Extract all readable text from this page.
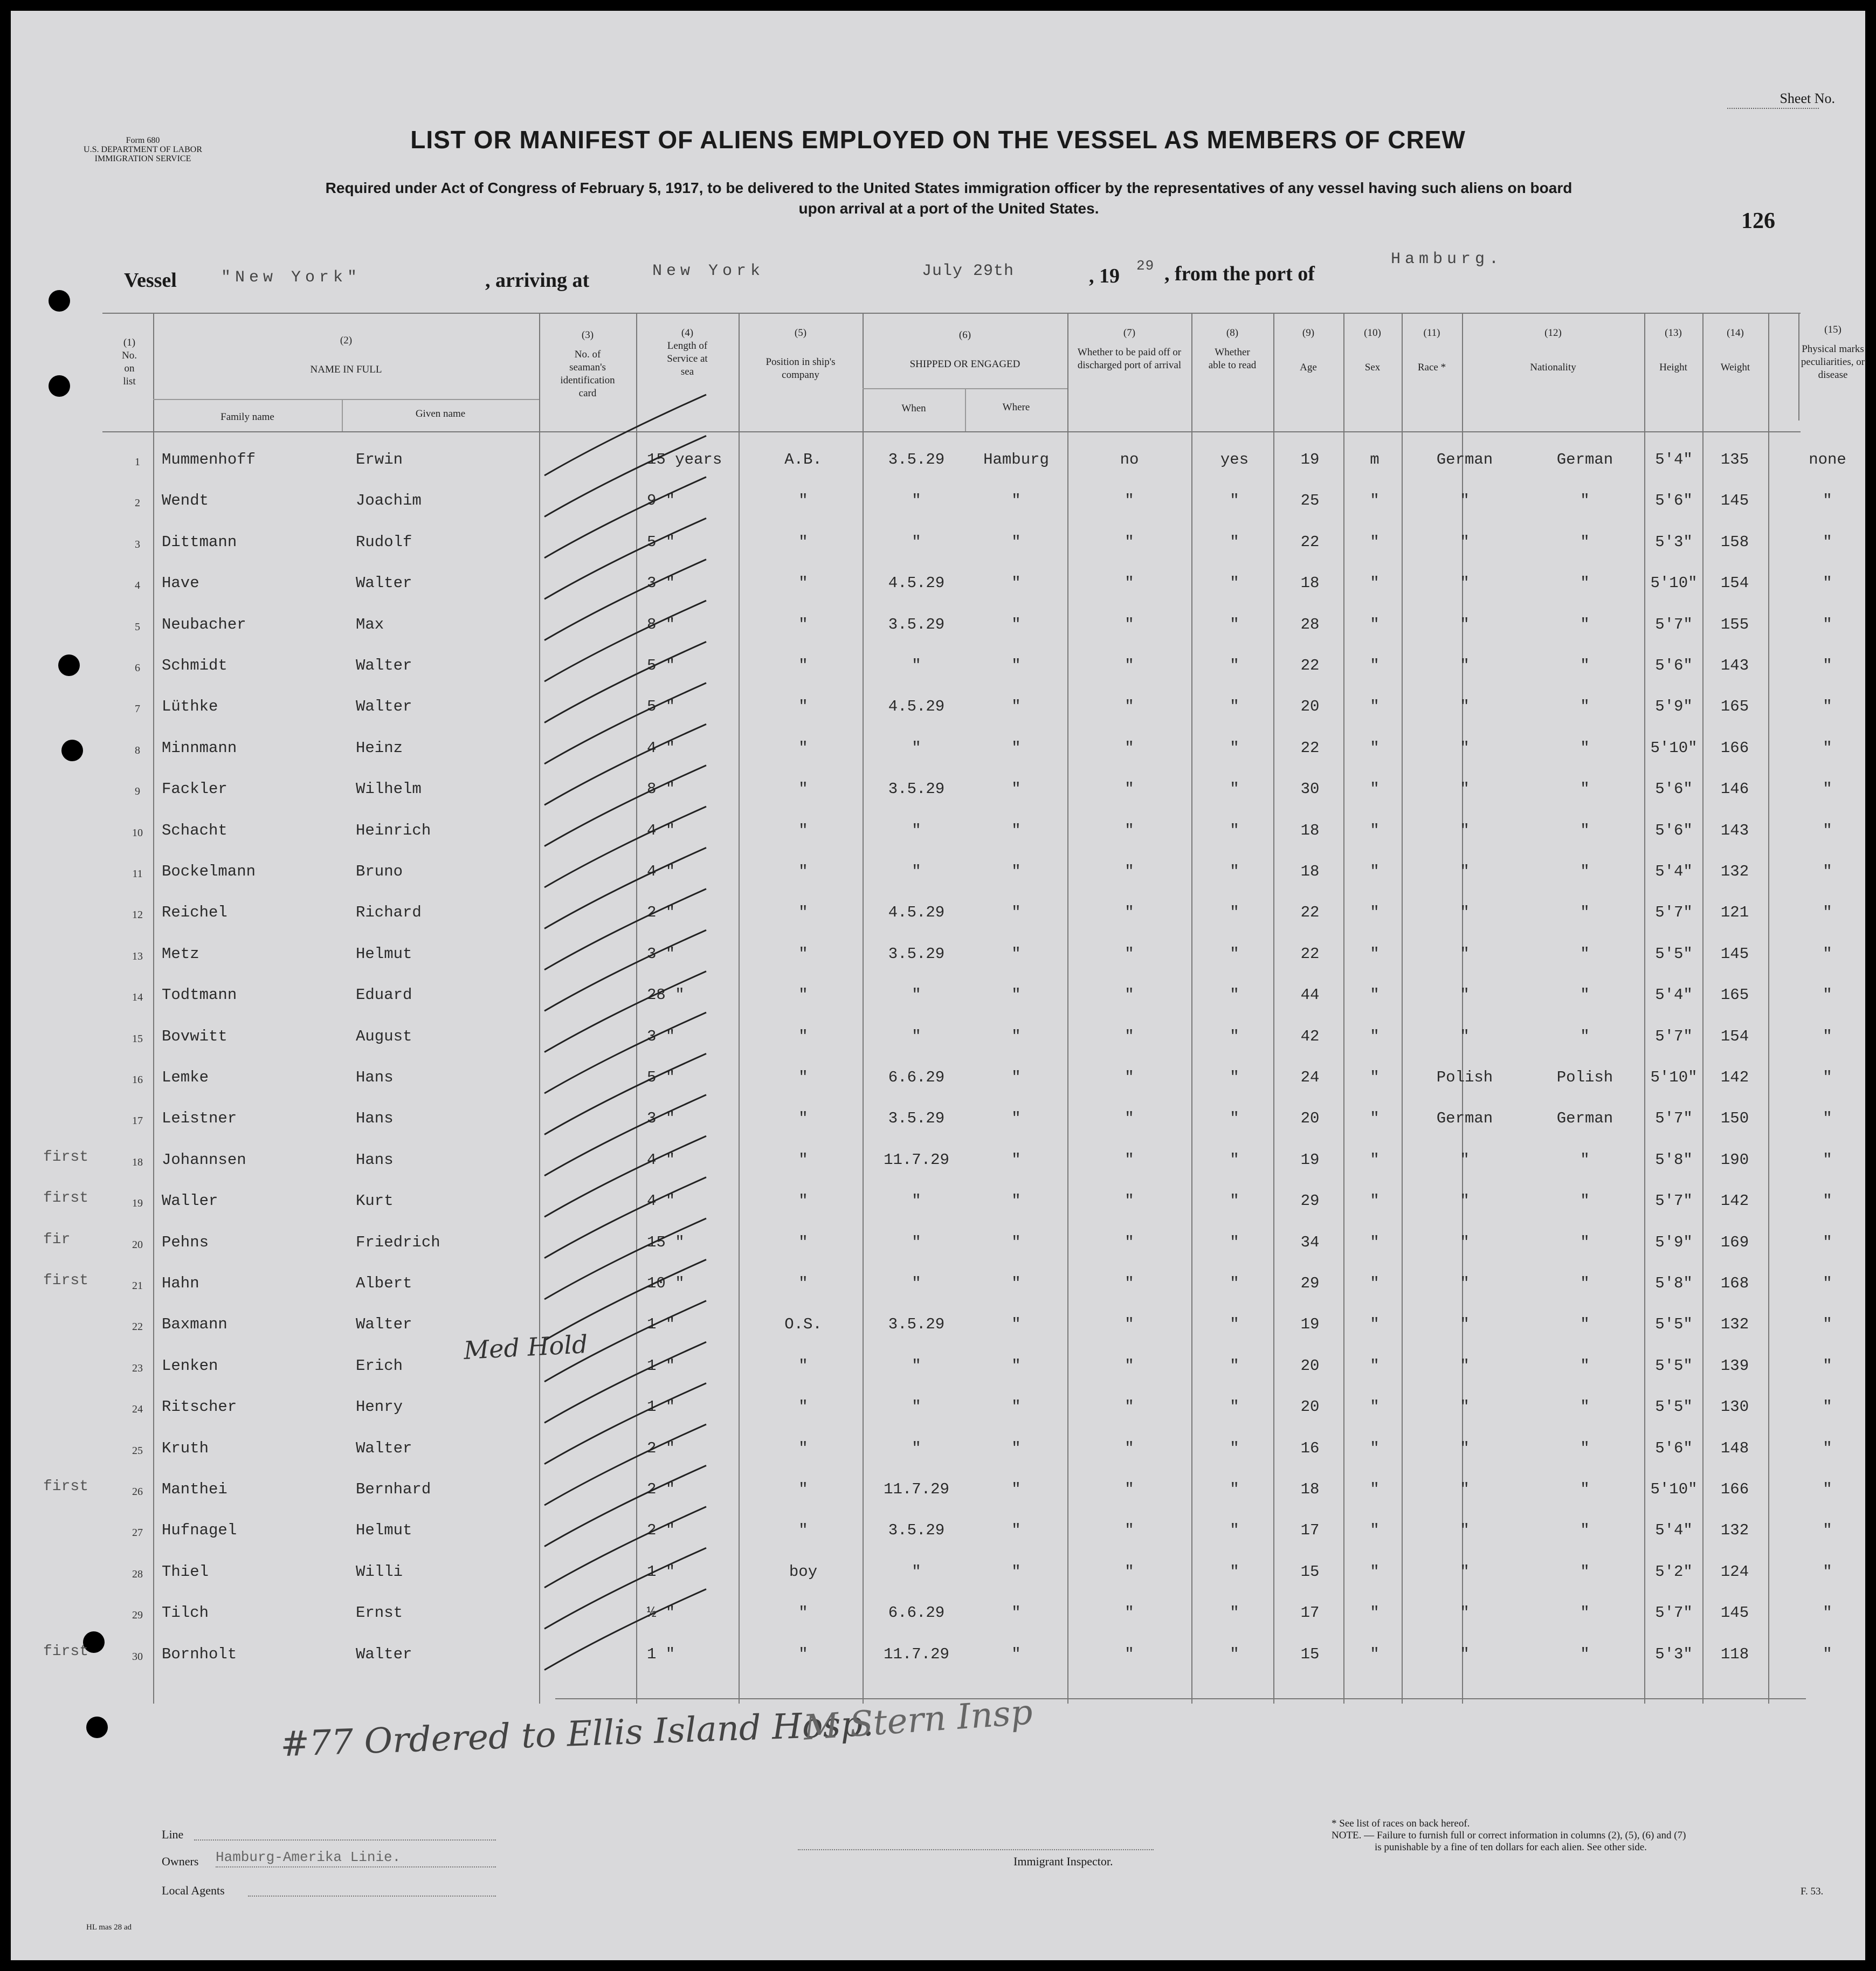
Form 680
U.S. DEPARTMENT OF LABOR
IMMIGRATION SERVICE
Sheet No.
LIST OR MANIFEST OF ALIENS EMPLOYED ON THE VESSEL AS MEMBERS OF CREW
Required under Act of Congress of February 5, 1917, to be delivered to the United States immigration officer by the representatives of any vessel having such aliens on board
upon arrival at a port of the United States.
126
Vessel	"New York"	, arriving at	New York	July 29th	, 19 29 , from the port of
Hamburg.
(1)
No. on list
(2)
NAME IN FULL
Family name	Given name
(3)
No. of seaman's identification card
(4)
Length of Service at sea
(5)
Position in ship's company
(6)
SHIPPED OR ENGAGED
When	Where
(7)
Whether to be paid off or discharged port of arrival
(8)
Whether able to read
(9)
Age
(10)
Sex
(11)
Race *
(12)
Nationality
(13)
Height
(14)
Weight
(15)
Physical marks peculiarities, or disease
1	Mummenhoff	Erwin	15 years	A.B.	3.5.29	Hamburg	no	yes	19	m	German	German	5'4"	135	none
2	Wendt	Joachim	9 "	"	"	"	"	"	25	"	"	"	5'6"	145	"
3	Dittmann	Rudolf	5 "	"	"	"	"	"	22	"	"	"	5'3"	158	"
4	Have	Walter	3 "	"	4.5.29	"	"	"	18	"	"	"	5'10"	154	"
5	Neubacher	Max	8 "	"	3.5.29	"	"	"	28	"	"	"	5'7"	155	"
6	Schmidt	Walter	5 "	"	"	"	"	"	22	"	"	"	5'6"	143	"
7	Lüthke	Walter	5 "	"	4.5.29	"	"	"	20	"	"	"	5'9"	165	"
8	Minnmann	Heinz	4 "	"	"	"	"	"	22	"	"	"	5'10"	166	"
9	Fackler	Wilhelm	8 "	"	3.5.29	"	"	"	30	"	"	"	5'6"	146	"
10	Schacht	Heinrich	4 "	"	"	"	"	"	18	"	"	"	5'6"	143	"
11	Bockelmann	Bruno	4 "	"	"	"	"	"	18	"	"	"	5'4"	132	"
12	Reichel	Richard	2 "	"	4.5.29	"	"	"	22	"	"	"	5'7"	121	"
13	Metz	Helmut	3 "	"	3.5.29	"	"	"	22	"	"	"	5'5"	145	"
14	Todtmann	Eduard	28 "	"	"	"	"	"	44	"	"	"	5'4"	165	"
15	Bovwitt	August	3 "	"	"	"	"	"	42	"	"	"	5'7"	154	"
16	Lemke	Hans	5 "	"	6.6.29	"	"	"	24	"	Polish	Polish	5'10"	142	"
17	Leistner	Hans	3 "	"	3.5.29	"	"	"	20	"	German	German	5'7"	150	"
18	Johannsen	Hans	4 "	"	11.7.29	"	"	"	19	"	"	"	5'8"	190	"
19	Waller	Kurt	4 "	"	"	"	"	"	29	"	"	"	5'7"	142	"
20	Pehns	Friedrich	15 "	"	"	"	"	"	34	"	"	"	5'9"	169	"
21	Hahn	Albert	10 "	"	"	"	"	"	29	"	"	"	5'8"	168	"
22	Baxmann	Walter	1 "	O.S.	3.5.29	"	"	"	19	"	"	"	5'5"	132	"
23	Lenken	Erich	1 "	"	"	"	"	"	20	"	"	"	5'5"	139	"
24	Ritscher	Henry	1 "	"	"	"	"	"	20	"	"	"	5'5"	130	"
25	Kruth	Walter	2 "	"	"	"	"	"	16	"	"	"	5'6"	148	"
26	Manthei	Bernhard	2 "	"	11.7.29	"	"	"	18	"	"	"	5'10"	166	"
27	Hufnagel	Helmut	2 "	"	3.5.29	"	"	"	17	"	"	"	5'4"	132	"
28	Thiel	Willi	1 "	boy	"	"	"	"	15	"	"	"	5'2"	124	"
29	Tilch	Ernst	½ "	"	6.6.29	"	"	"	17	"	"	"	5'7"	145	"
30	Bornholt	Walter	1 "	"	11.7.29	"	"	"	15	"	"	"	5'3"	118	"
first
first
fir
first
first
first
Med Hold
#77 Ordered to Ellis Island Hosp.
M Stern Insp
Line
Owners Hamburg-Amerika Linie.
Local Agents
Immigrant Inspector.
* See list of races on back hereof.
NOTE. — Failure to furnish full or correct information in columns (2), (5), (6) and (7)
is punishable by a fine of ten dollars for each alien. See other side.
F. 53.
HL mas 28 ad
